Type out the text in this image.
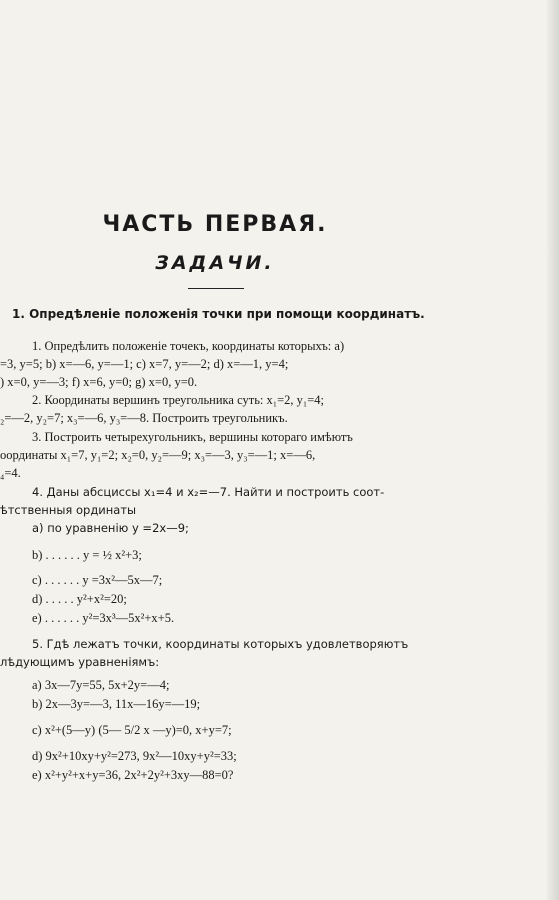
ЧАСТЬ ПЕРВАЯ.
ЗАДАЧИ.
1. Опредѣленіе положенія точки при помощи координатъ.
1. Опредѣлить положеніе точекъ, координаты которыхъ: a)
=3, y=5; b) x=—6, y=—1; c) x=7, y=—2; d) x=—1, y=4;
) x=0, y=—3; f) x=6, y=0; g) x=0, y=0.
2. Координаты вершинъ треугольника суть: x₁=2, y₁=4;
₂=—2, y₂=7; x₃=—6, y₃=—8. Построить треугольникъ.
3. Построить четырехугольникъ, вершины котораго имѣютъ
оординаты x₁=7, y₁=2; x₂=0, y₂=—9; x₃=—3, y₃=—1; x=—6,
₄=4.
4. Даны абсциссы x₁=4 и x₂=—7. Найти и построить соот-
ѣтственныя ординаты
a) по уравненію y =2x—9;
b) . . . . . . y = ½ x²+3;
c) . . . . . . y =3x²—5x—7;
d) . . . . . y²+x²=20;
e) . . . . . . y²=3x³—5x²+x+5.
5. Гдѣ лежатъ точки, координаты которыхъ удовлетворяютъ
лѣдующимъ уравненіямъ:
a) 3x—7y=55, 5x+2y=—4;
b) 2x—3y=—3, 11x—16y=—19;
c) x²+(5—y) (5— 5/2 x —y)=0, x+y=7;
d) 9x²+10xy+y²=273, 9x²—10xy+y²=33;
e) x²+y²+x+y=36, 2x²+2y²+3xy—88=0?
